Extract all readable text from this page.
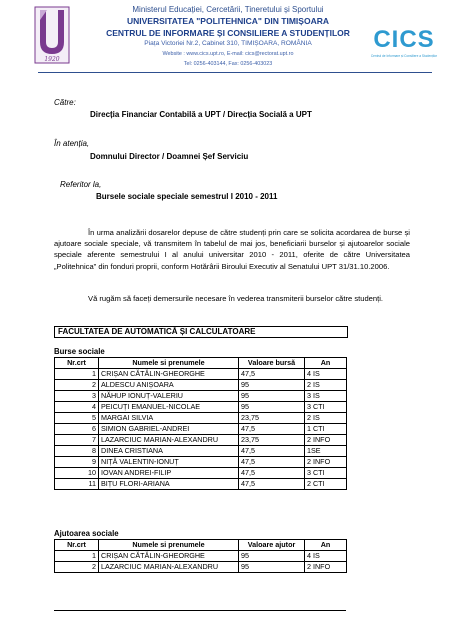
1920
Ministerul Educației, Cercetării, Tineretului și Sportului
UNIVERSITATEA "POLITEHNICA" DIN TIMIȘOARA
CENTRUL DE INFORMARE ȘI CONSILIERE A STUDENȚILOR
Piața Victoriei Nr.2, Cabinet 310, TIMIȘOARA, ROMÂNIA
Website : www.cics.upt.ro, E-mail: cics@rectorat.upt.ro
Tel: 0256-403144, Fax: 0256-403023
CICS
Centrul de Informare și Consiliere a Studenților
Către:
Direcția Financiar Contabilă a UPT / Direcția Socială a UPT
În atenția,
Domnului Director / Doamnei Șef Serviciu
Referitor la,
Bursele sociale speciale semestrul I 2010 - 2011

În urma analizării dosarelor depuse de către studenți prin care se solicita acordarea de burse și ajutoare sociale speciale, vă transmitem în tabelul de mai jos, beneficiarii burselor și ajutoarelor sociale speciale aferente semestrului I al anului universitar 2010 - 2011, oferite de către Universitatea „Politehnica” din fonduri proprii, conform Hotărârii Biroului Executiv al Senatului UPT 31/31.10.2006.

Vă rugăm să faceți demersurile necesare în vederea transmiterii burselor către studenți.

FACULTATEA DE AUTOMATICĂ ȘI CALCULATOARE
Burse sociale
Nr.crt	Numele si prenumele	Valoare bursă	An
1	CRIȘAN CĂTĂLIN-GHEORGHE	47,5	4 IS
2	ALDESCU ANIȘOARA	95	2 IS
3	NĂHUP IONUȚ-VALERIU	95	3 IS
4	PEICUȚI EMANUEL-NICOLAE	95	3 CTI
5	MARGAI SILVIA	23,75	2 IS
6	SIMION GABRIEL-ANDREI	47,5	1 CTI
7	LAZARCIUC MARIAN-ALEXANDRU	23,75	2 INFO
8	DINEA CRISTIANA	47,5	1SE
9	NIȚĂ VALENTIN-IONUȚ	47,5	2 INFO
10	IOVAN ANDREI-FILIP	47,5	3 CTI
11	BIȚU FLORI-ARIANA	47,5	2 CTI
Ajutoarea sociale
Nr.crt	Numele si prenumele	Valoare ajutor	An
1	CRIȘAN CĂTĂLIN-GHEORGHE	95	4 IS
2	LAZARCIUC MARIAN-ALEXANDRU	95	2 INFO
